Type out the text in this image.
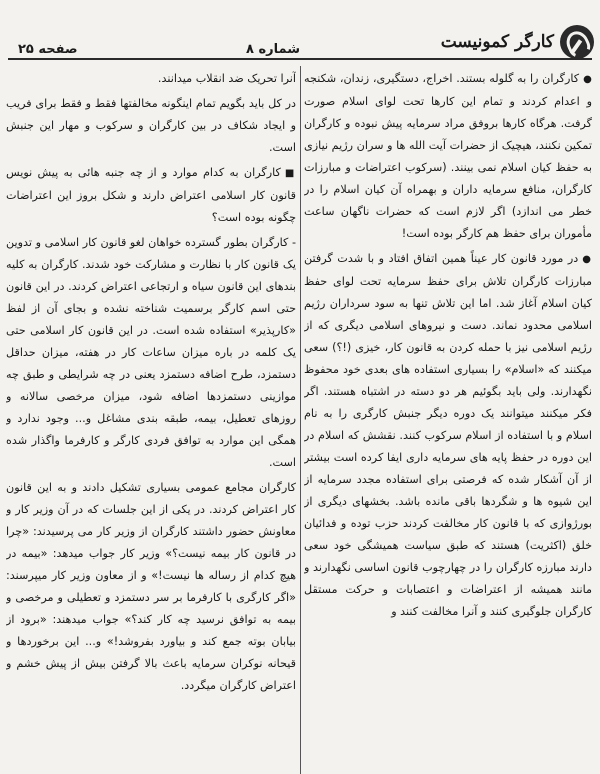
کارگر کمونیست
شماره ۸
صفحه ۲۵

● کارگران را به گلوله بستند. اخراج، دستگیری، زندان، شکنجه و اعدام کردند و تمام این کارها تحت لوای اسلام صورت گرفت. هرگاه کارها بروفق مراد سرمایه پیش نبوده و کارگران تمکین نکنند، هیچیک از حضرات آیت الله ها و سران رژیم نیازی به حفظ کیان اسلام نمی بینند. (سرکوب اعتراضات و مبارزات کارگران، منافع سرمایه داران و بهمراه آن کیان اسلام را در خطر می اندازد) اگر لازم است که حضرات ناگهان ساعت مأموران برای حفظ هم کارگر بوده است!

● در مورد قانون کار عیناً همین اتفاق افتاد و با شدت گرفتن مبارزات کارگران تلاش برای حفظ سرمایه تحت لوای حفظ کیان اسلام آغاز شد. اما این تلاش تنها به سود سرداران رژیم اسلامی محدود نماند. دست و نیروهای اسلامی دیگری که از رژیم اسلامی نیز با حمله کردن به قانون کار، خیزی (!؟) سعی میکنند که «اسلام» را بسیاری استفاده های بعدی خود محفوظ نگهدارند. ولی باید بگوئیم هر دو دسته در اشتباه هستند. اگر فکر میکنند میتوانند یک دوره دیگر جنبش کارگری را به نام اسلام و با استفاده از اسلام سرکوب کنند. نقشش که اسلام در این دوره در حفظ پایه های سرمایه داری ایفا کرده است بیشتر از آن آشکار شده که فرصتی برای استفاده مجدد سرمایه از این شیوه ها و شگردها باقی مانده باشد. بخشهای دیگری از بورژوازی که با قانون کار مخالفت کردند حزب توده و فدائیان خلق (اکثریت) هستند که طبق سیاست همیشگی خود سعی دارند مبارزه کارگران را در چهارچوب قانون اساسی نگهدارند و مانند همیشه از اعتراضات و اعتصابات و حرکت مستقل کارگران جلوگیری کنند و آنرا مخالفت کنند و

آنرا تحریک ضد انقلاب میدانند.

در کل باید بگویم تمام اینگونه مخالفتها فقط و فقط برای فریب و ایجاد شکاف در بین کارگران و سرکوب و مهار این جنبش است.

■ کارگران به کدام موارد و از چه جنبه هائی به پیش نویس قانون کار اسلامی اعتراض دارند و شکل بروز این اعتراضات چگونه بوده است؟

- کارگران بطور گسترده خواهان لغو قانون کار اسلامی و تدوین یک قانون کار با نظارت و مشارکت خود شدند. کارگران به کلیه بندهای این قانون سیاه و ارتجاعی اعتراض کردند. در این قانون حتی اسم کارگر برسمیت شناخته نشده و بجای آن از لفظ «کارپذیر» استفاده شده است. در این قانون کار اسلامی حتی یک کلمه در باره میزان ساعات کار در هفته، میزان حداقل دستمزد، طرح اضافه دستمزد یعنی در چه شرایطی و طبق چه موازینی دستمزدها اضافه شود، میزان مرخصی سالانه و روزهای تعطیل، بیمه، طبقه بندی مشاغل و... وجود ندارد و همگی این موارد به توافق فردی کارگر و کارفرما واگذار شده است.

کارگران مجامع عمومی بسیاری تشکیل دادند و به این قانون کار اعتراض کردند. در یکی از این جلسات که در آن وزیر کار و معاونش حضور داشتند کارگران از وزیر کار می پرسیدند: «چرا در قانون کار بیمه نیست؟» وزیر کار جواب میدهد: «بیمه در هیچ کدام از رساله ها نیست!» و از معاون وزیر کار میپرسند: «اگر کارگری با کارفرما بر سر دستمزد و تعطیلی و مرخصی و بیمه به توافق نرسید چه کار کند؟» جواب میدهند: «برود از بیابان بوته جمع کند و بیاورد بفروشد!» و... این برخوردها و قیحانه نوکران سرمایه باعث بالا گرفتن بیش از پیش خشم و اعتراض کارگران میگردد.
